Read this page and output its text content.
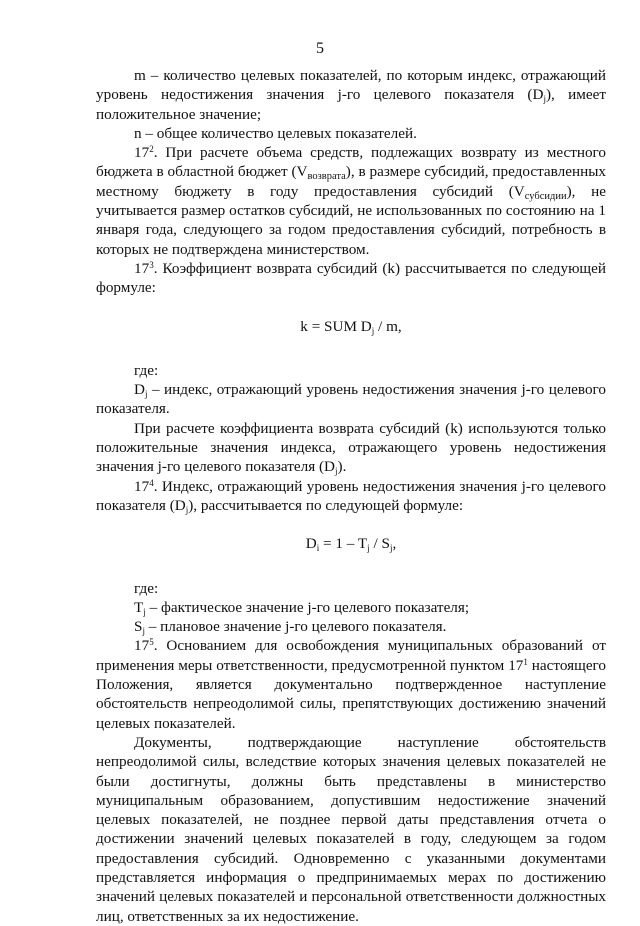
5

m – количество целевых показателей, по которым индекс, отражающий уровень недостижения значения j-го целевого показателя $(D_j)$, имеет положительное значение;

n – общее количество целевых показателей.

$17^2$. При расчете объема средств, подлежащих возврату из местного бюджета в областной бюджет $(V_{возврата})$, в размере субсидий, предоставленных местному бюджету в году предоставления субсидий $(V_{субсидии})$, не учитывается размер остатков субсидий, не использованных по состоянию на 1 января года, следующего за годом предоставления субсидий, потребность в которых не подтверждена министерством.

$17^3$. Коэффициент возврата субсидий (k) рассчитывается по следующей формуле:

k = SUM $D_j$ / m,

где:

$D_j$ – индекс, отражающий уровень недостижения значения j-го целевого показателя.

При расчете коэффициента возврата субсидий (k) используются только положительные значения индекса, отражающего уровень недостижения значения j-го целевого показателя $(D_j)$.

$17^4$. Индекс, отражающий уровень недостижения значения j-го целевого показателя $(D_j)$, рассчитывается по следующей формуле:

$D_i = 1 - T_j / S_j$,

где:

$T_j$ – фактическое значение j-го целевого показателя;

$S_j$ – плановое значение j-го целевого показателя.

$17^5$. Основанием для освобождения муниципальных образований от применения меры ответственности, предусмотренной пунктом $17^1$ настоящего Положения, является документально подтвержденное наступление обстоятельств непреодолимой силы, препятствующих достижению значений целевых показателей.

Документы, подтверждающие наступление обстоятельств непреодолимой силы, вследствие которых значения целевых показателей не были достигнуты, должны быть представлены в министерство муниципальным образованием, допустившим недостижение значений целевых показателей, не позднее первой даты представления отчета о достижении значений целевых показателей в году, следующем за годом предоставления субсидий. Одновременно с указанными документами представляется информация о предпринимаемых мерах по достижению значений целевых показателей и персональной ответственности должностных лиц, ответственных за их недостижение.
